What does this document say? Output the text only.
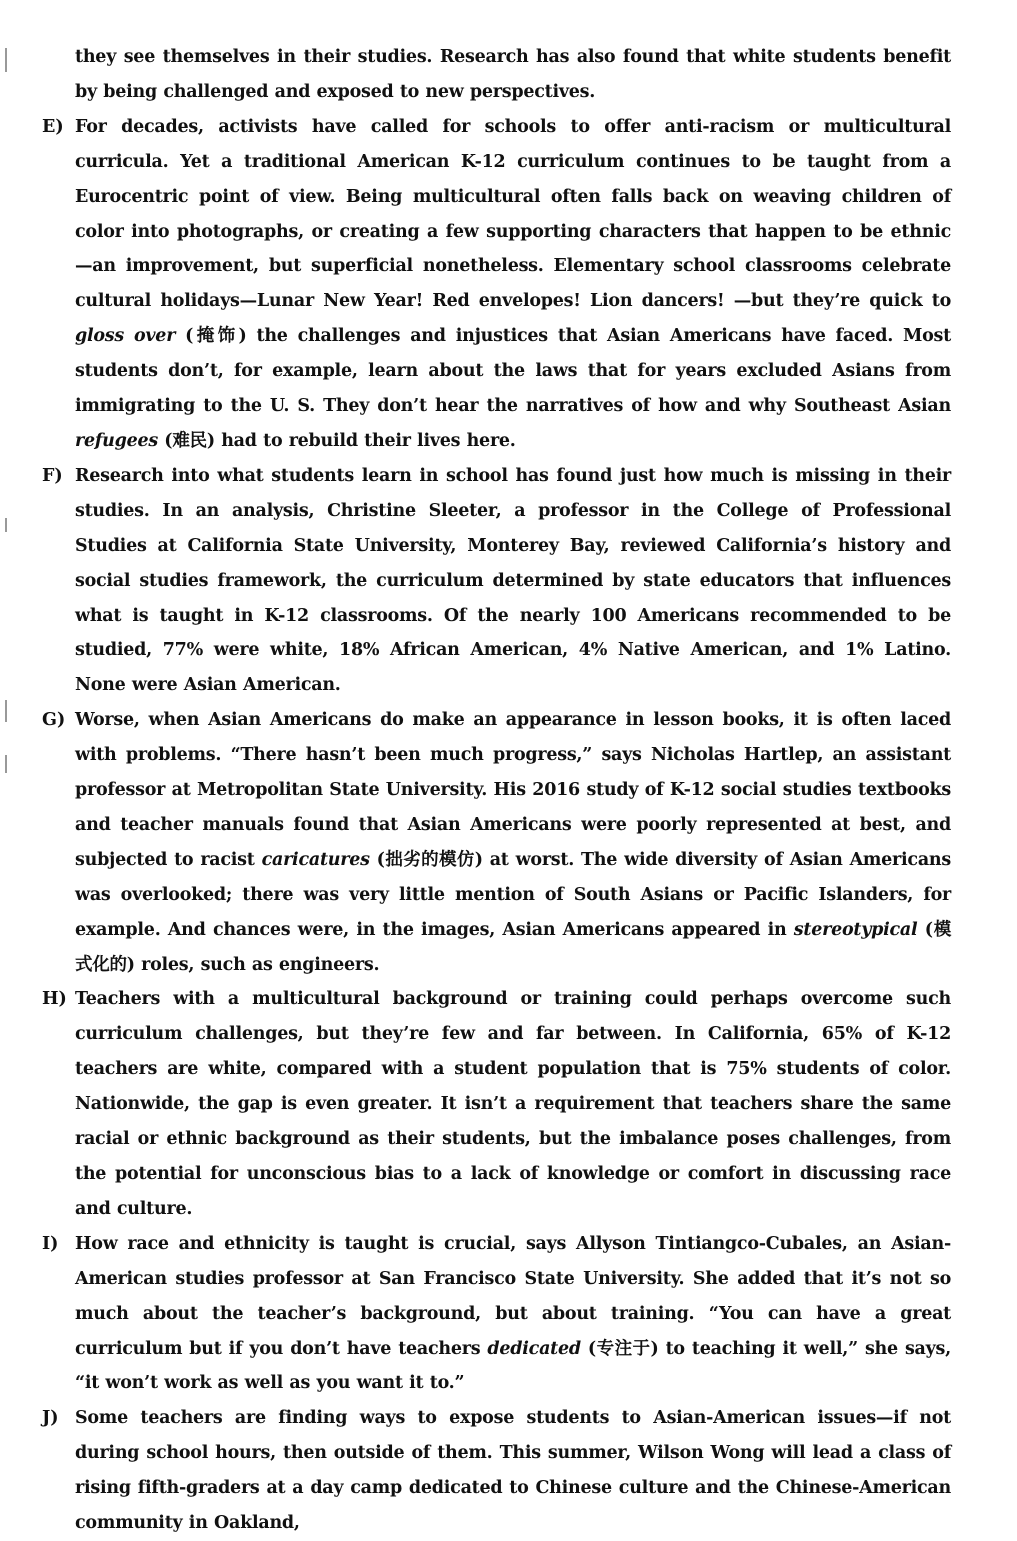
they see themselves in their studies. Research has also found that white students benefit by being challenged and exposed to new perspectives.
E) For decades, activists have called for schools to offer anti-racism or multicultural curricula. Yet a traditional American K-12 curriculum continues to be taught from a Eurocentric point of view. Being multicultural often falls back on weaving children of color into photographs, or creating a few supporting characters that happen to be ethnic—an improvement, but superficial nonetheless. Elementary school classrooms celebrate cultural holidays—Lunar New Year! Red envelopes! Lion dancers! —but they’re quick to gloss over (掩饰) the challenges and injustices that Asian Americans have faced. Most students don’t, for example, learn about the laws that for years excluded Asians from immigrating to the U. S. They don’t hear the narratives of how and why Southeast Asian refugees (难民) had to rebuild their lives here.
F) Research into what students learn in school has found just how much is missing in their studies. In an analysis, Christine Sleeter, a professor in the College of Professional Studies at California State University, Monterey Bay, reviewed California’s history and social studies framework, the curriculum determined by state educators that influences what is taught in K-12 classrooms. Of the nearly 100 Americans recommended to be studied, 77% were white, 18% African American, 4% Native American, and 1% Latino. None were Asian American.
G) Worse, when Asian Americans do make an appearance in lesson books, it is often laced with problems. “There hasn’t been much progress,” says Nicholas Hartlep, an assistant professor at Metropolitan State University. His 2016 study of K-12 social studies textbooks and teacher manuals found that Asian Americans were poorly represented at best, and subjected to racist caricatures (拙劣的模仿) at worst. The wide diversity of Asian Americans was overlooked; there was very little mention of South Asians or Pacific Islanders, for example. And chances were, in the images, Asian Americans appeared in stereotypical (模式化的) roles, such as engineers.
H) Teachers with a multicultural background or training could perhaps overcome such curriculum challenges, but they’re few and far between. In California, 65% of K-12 teachers are white, compared with a student population that is 75% students of color. Nationwide, the gap is even greater. It isn’t a requirement that teachers share the same racial or ethnic background as their students, but the imbalance poses challenges, from the potential for unconscious bias to a lack of knowledge or comfort in discussing race and culture.
I) How race and ethnicity is taught is crucial, says Allyson Tintiangco-Cubales, an Asian-American studies professor at San Francisco State University. She added that it’s not so much about the teacher’s background, but about training. “You can have a great curriculum but if you don’t have teachers dedicated (专注于) to teaching it well,” she says, “it won’t work as well as you want it to.”
J) Some teachers are finding ways to expose students to Asian-American issues—if not during school hours, then outside of them. This summer, Wilson Wong will lead a class of rising fifth-graders at a day camp dedicated to Chinese culture and the Chinese-American community in Oakland,
